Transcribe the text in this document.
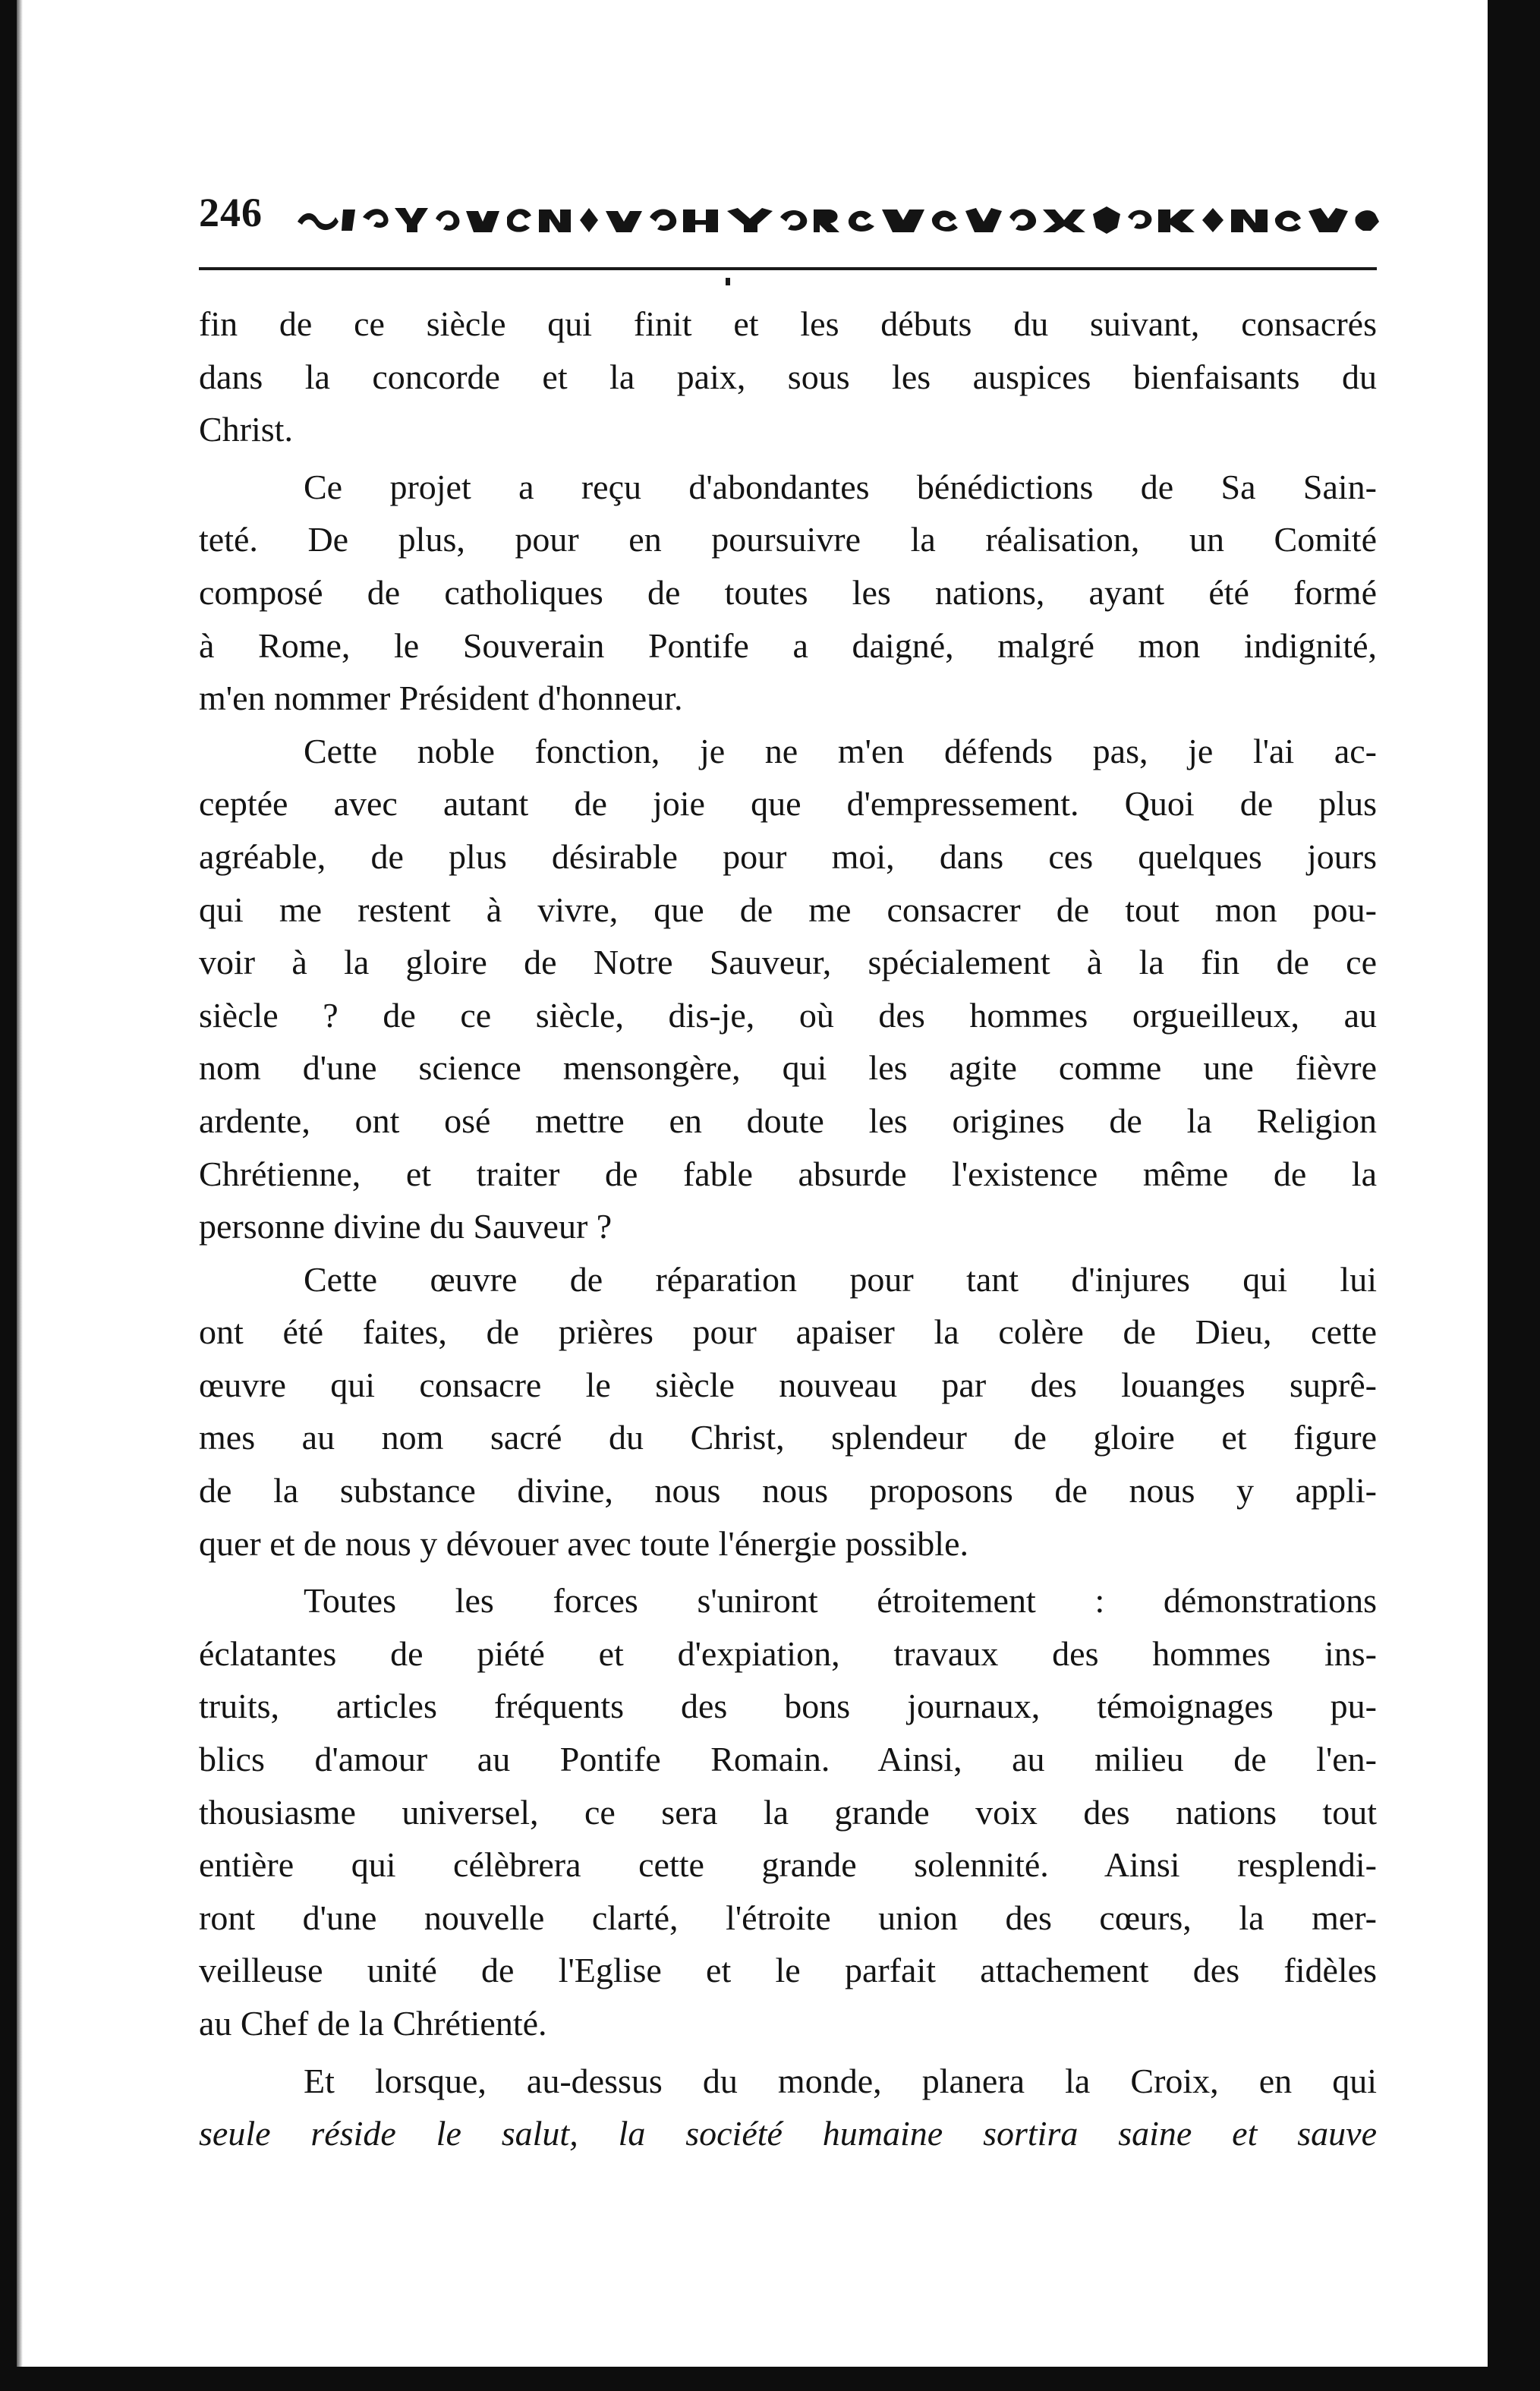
246

fin de ce siècle qui finit et les débuts du suivant, consacrés

dans la concorde et la paix, sous les auspices bienfaisants du

Christ.

Ce projet a reçu d'abondantes bénédictions de Sa Sain-

teté. De plus, pour en poursuivre la réalisation, un Comité

composé de catholiques de toutes les nations, ayant été formé

à Rome, le Souverain Pontife a daigné, malgré mon indignité,

m'en nommer Président d'honneur.

Cette noble fonction, je ne m'en défends pas, je l'ai ac-

ceptée avec autant de joie que d'empressement. Quoi de plus

agréable, de plus désirable pour moi, dans ces quelques jours

qui me restent à vivre, que de me consacrer de tout mon pou-

voir à la gloire de Notre Sauveur, spécialement à la fin de ce

siècle ? de ce siècle, dis-je, où des hommes orgueilleux, au

nom d'une science mensongère, qui les agite comme une fièvre

ardente, ont osé mettre en doute les origines de la Religion

Chrétienne, et traiter de fable absurde l'existence même de la

personne divine du Sauveur ?

Cette œuvre de réparation pour tant d'injures qui lui

ont été faites, de prières pour apaiser la colère de Dieu, cette

œuvre qui consacre le siècle nouveau par des louanges suprê-

mes au nom sacré du Christ, splendeur de gloire et figure

de la substance divine, nous nous proposons de nous y appli-

quer et de nous y dévouer avec toute l'énergie possible.

Toutes les forces s'uniront étroitement : démonstrations

éclatantes de piété et d'expiation, travaux des hommes ins-

truits, articles fréquents des bons journaux, témoignages pu-

blics d'amour au Pontife Romain. Ainsi, au milieu de l'en-

thousiasme universel, ce sera la grande voix des nations tout

entière qui célèbrera cette grande solennité. Ainsi resplendi-

ront d'une nouvelle clarté, l'étroite union des cœurs, la mer-

veilleuse unité de l'Eglise et le parfait attachement des fidèles

au Chef de la Chrétienté.

Et lorsque, au-dessus du monde, planera la Croix, en qui

seule réside le salut, la société humaine sortira saine et sauve
